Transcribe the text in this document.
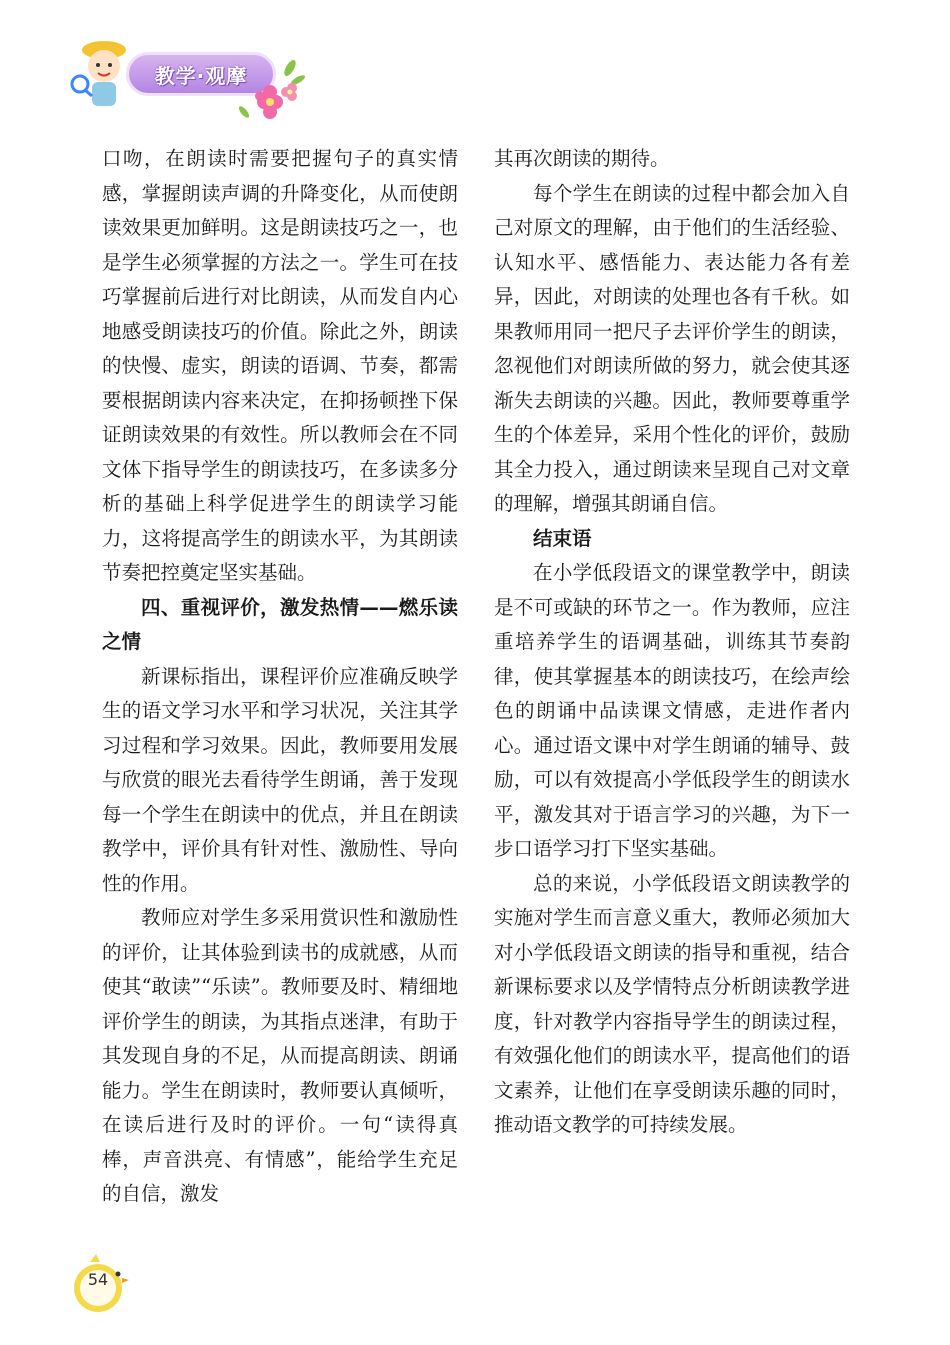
教学·观摩

口吻，在朗读时需要把握句子的真实情感，掌握朗读声调的升降变化，从而使朗读效果更加鲜明。这是朗读技巧之一，也是学生必须掌握的方法之一。学生可在技巧掌握前后进行对比朗读，从而发自内心地感受朗读技巧的价值。除此之外，朗读的快慢、虚实，朗读的语调、节奏，都需要根据朗读内容来决定，在抑扬顿挫下保证朗读效果的有效性。所以教师会在不同文体下指导学生的朗读技巧，在多读多分析的基础上科学促进学生的朗读学习能力，这将提高学生的朗读水平，为其朗读节奏把控奠定坚实基础。

四、重视评价，激发热情——燃乐读之情

新课标指出，课程评价应准确反映学生的语文学习水平和学习状况，关注其学习过程和学习效果。因此，教师要用发展与欣赏的眼光去看待学生朗诵，善于发现每一个学生在朗读中的优点，并且在朗读教学中，评价具有针对性、激励性、导向性的作用。

教师应对学生多采用赏识性和激励性的评价，让其体验到读书的成就感，从而使其“敢读”“乐读”。教师要及时、精细地评价学生的朗读，为其指点迷津，有助于其发现自身的不足，从而提高朗读、朗诵能力。学生在朗读时，教师要认真倾听，在读后进行及时的评价。一句“读得真棒，声音洪亮、有情感”，能给学生充足的自信，激发

其再次朗读的期待。

每个学生在朗读的过程中都会加入自己对原文的理解，由于他们的生活经验、认知水平、感悟能力、表达能力各有差异，因此，对朗读的处理也各有千秋。如果教师用同一把尺子去评价学生的朗读，忽视他们对朗读所做的努力，就会使其逐渐失去朗读的兴趣。因此，教师要尊重学生的个体差异，采用个性化的评价，鼓励其全力投入，通过朗读来呈现自己对文章的理解，增强其朗诵自信。

结束语

在小学低段语文的课堂教学中，朗读是不可或缺的环节之一。作为教师，应注重培养学生的语调基础，训练其节奏韵律，使其掌握基本的朗读技巧，在绘声绘色的朗诵中品读课文情感，走进作者内心。通过语文课中对学生朗诵的辅导、鼓励，可以有效提高小学低段学生的朗读水平，激发其对于语言学习的兴趣，为下一步口语学习打下坚实基础。

总的来说，小学低段语文朗读教学的实施对学生而言意义重大，教师必须加大对小学低段语文朗读的指导和重视，结合新课标要求以及学情特点分析朗读教学进度，针对教学内容指导学生的朗读过程，有效强化他们的朗读水平，提高他们的语文素养，让他们在享受朗读乐趣的同时，推动语文教学的可持续发展。

54
